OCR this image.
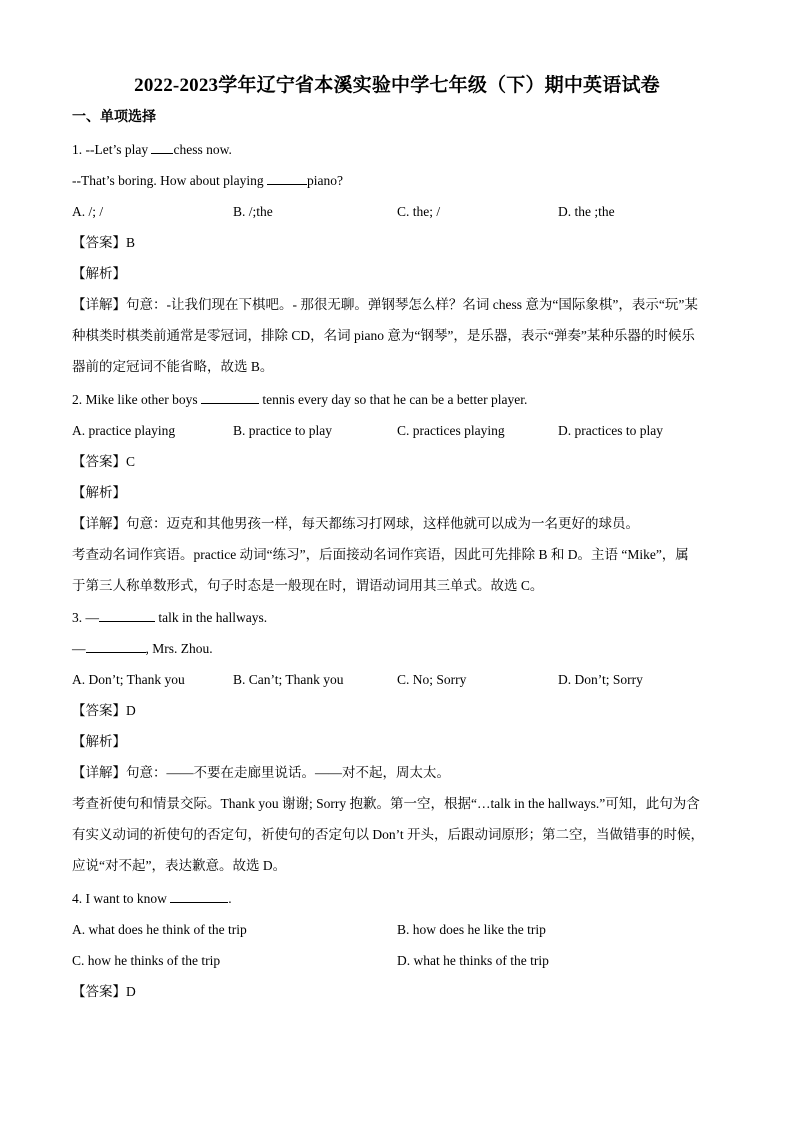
2022-2023学年辽宁省本溪实验中学七年级（下）期中英语试卷

一、单项选择

1. --Let’s play chess now.

--That’s boring. How about playing	piano?

A. /; /	B. /;the	C. the; /	D. the ;the

【答案】B

【解析】

【详解】句意：-让我们现在下棋吧。- 那很无聊。弹钢琴怎么样？名词 chess 意为“国际象棋”，表示“玩”某

种棋类时棋类前通常是零冠词，排除 CD，名词 piano 意为“钢琴”，是乐器，表示“弹奏”某种乐器的时候乐

器前的定冠词不能省略，故选 B。

2. Mike like other boys	tennis every day so that he can be a better player.

A. practice playing	B. practice to play	C. practices playing	D. practices to play

【答案】C

【解析】

【详解】句意：迈克和其他男孩一样，每天都练习打网球，这样他就可以成为一名更好的球员。

考查动名词作宾语。practice 动词“练习”，后面接动名词作宾语，因此可先排除 B 和 D。主语 “Mike”，属

于第三人称单数形式，句子时态是一般现在时，谓语动词用其三单式。故选 C。

3. —	talk in the hallways.

—	, Mrs. Zhou.

A. Don’t; Thank you	B. Can’t; Thank you	C. No; Sorry	D. Don’t; Sorry

【答案】D

【解析】

【详解】句意：——不要在走廊里说话。——对不起，周太太。

考查祈使句和情景交际。Thank you 谢谢; Sorry 抱歉。第一空，根据“…talk in the hallways.”可知，此句为含

有实义动词的祈使句的否定句，祈使句的否定句以 Don’t 开头，后跟动词原形；第二空，当做错事的时候，

应说“对不起”，表达歉意。故选 D。

4. I want to know	.

A. what does he think of the trip	B. how does he like the trip
C. how he thinks of the trip	D. what he thinks of the trip

【答案】D
